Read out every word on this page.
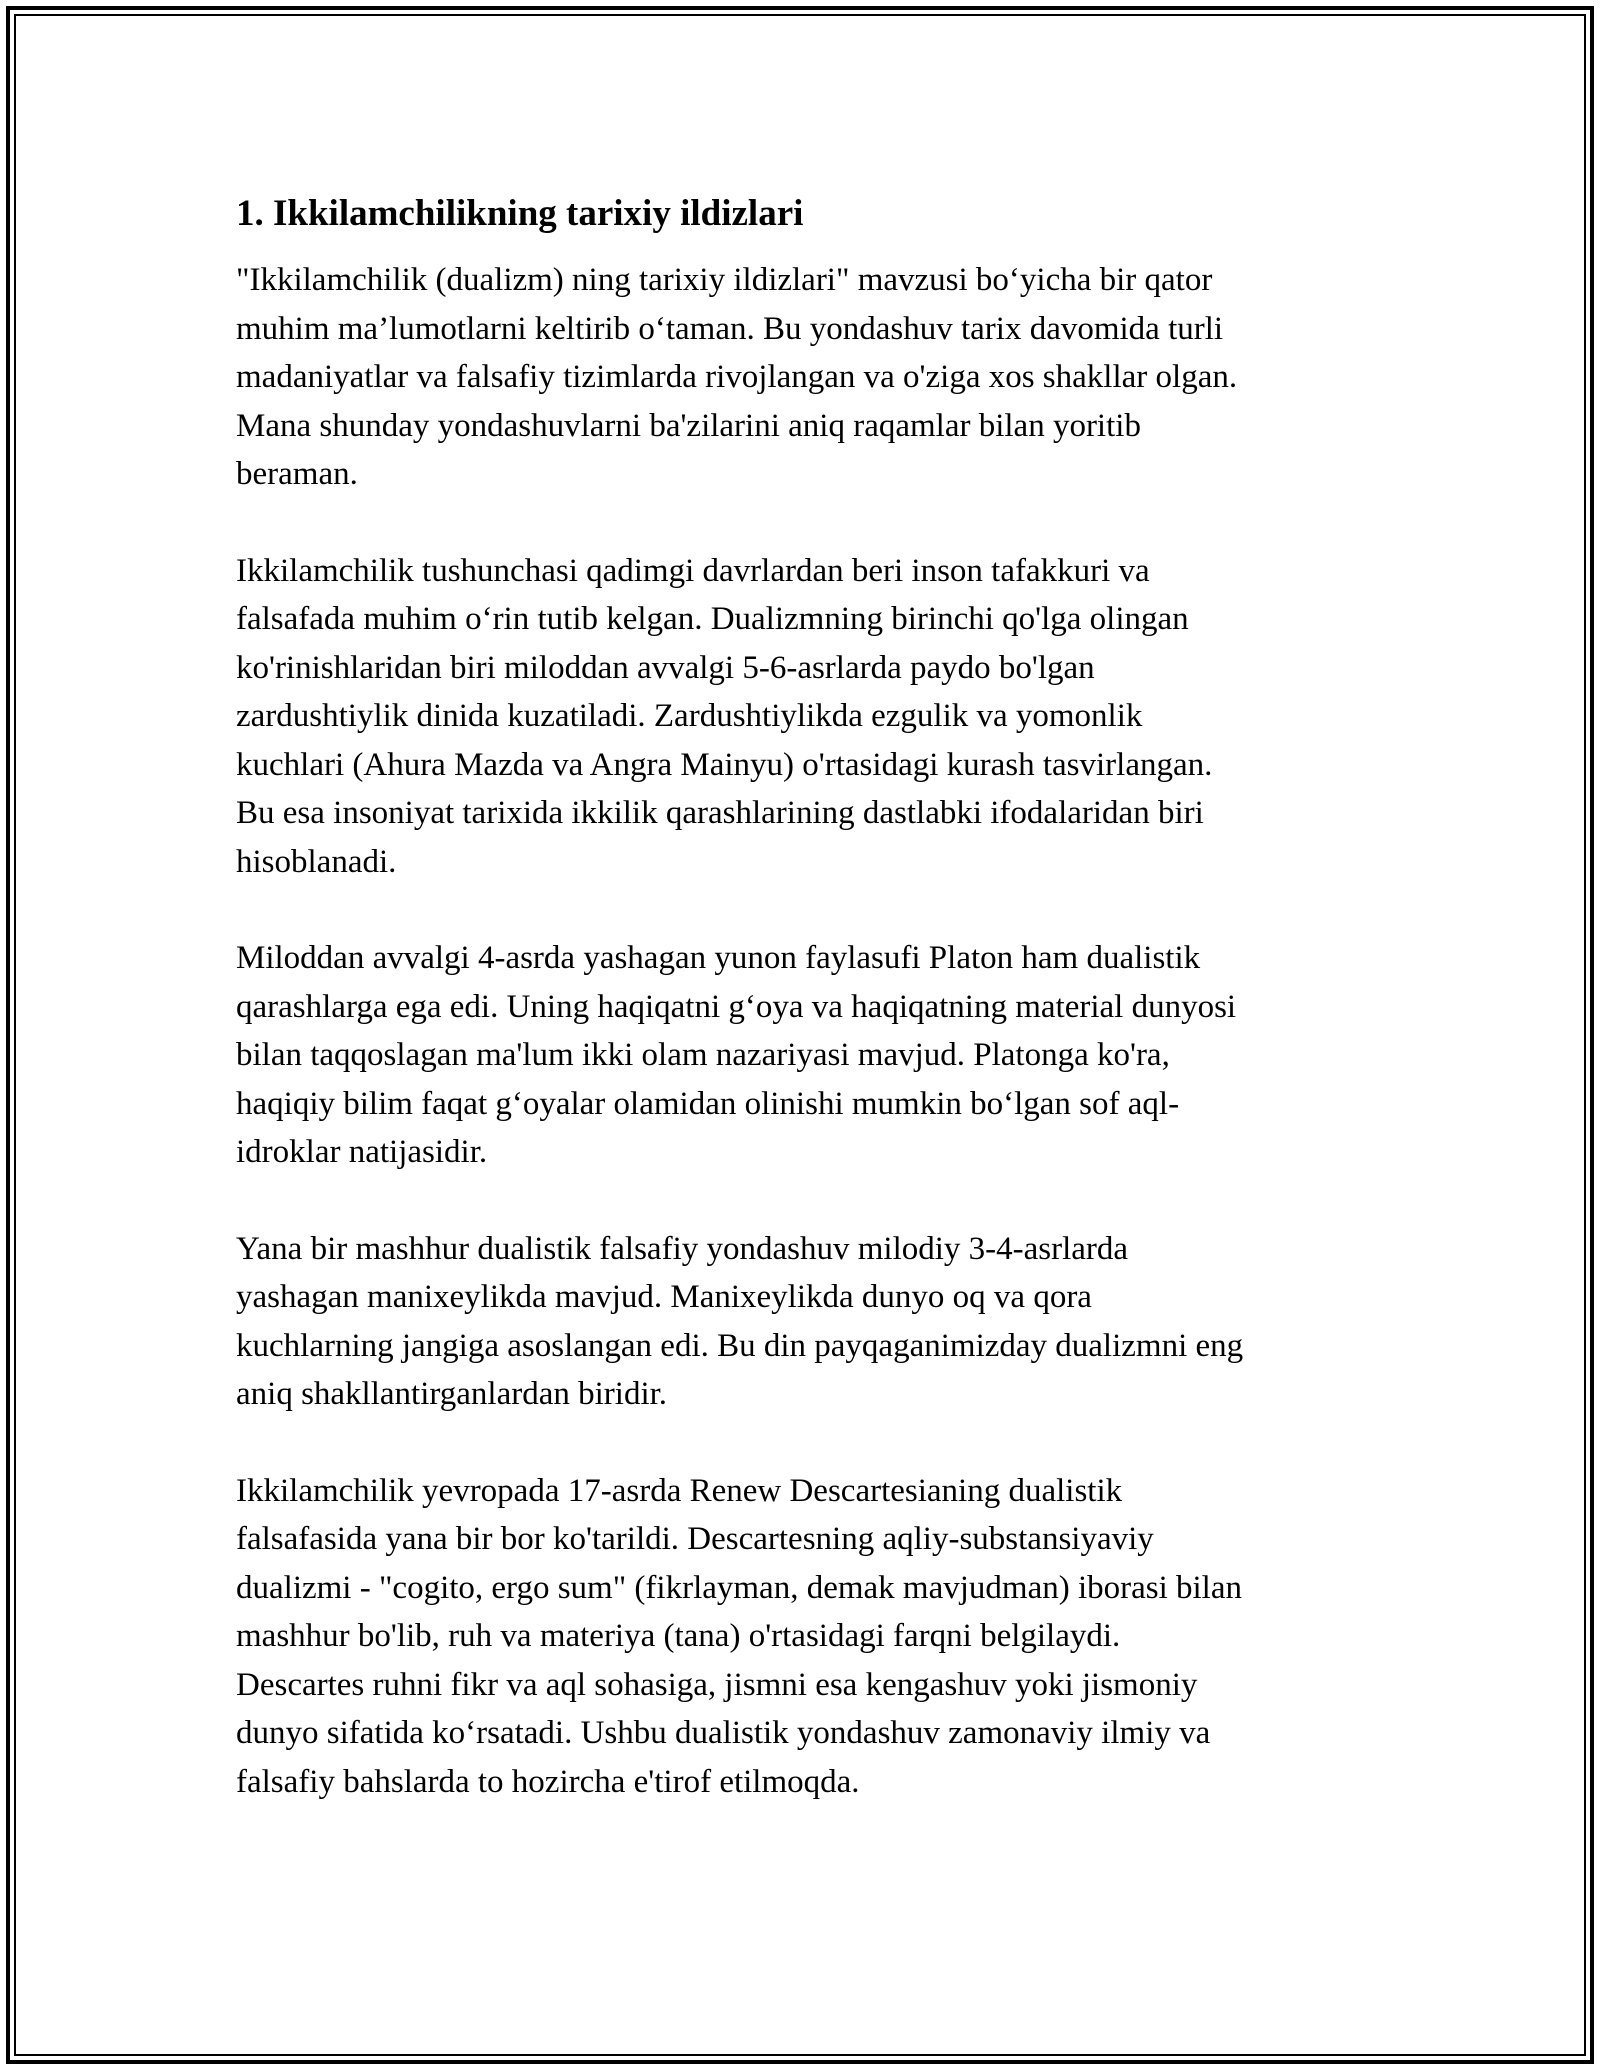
1. Ikkilamchilikning tarixiy ildizlari

"Ikkilamchilik (dualizm) ning tarixiy ildizlari" mavzusi bo‘yicha bir qator
muhim ma’lumotlarni keltirib o‘taman. Bu yondashuv tarix davomida turli
madaniyatlar va falsafiy tizimlarda rivojlangan va o'ziga xos shakllar olgan.
Mana shunday yondashuvlarni ba'zilarini aniq raqamlar bilan yoritib
beraman.

Ikkilamchilik tushunchasi qadimgi davrlardan beri inson tafakkuri va
falsafada muhim o‘rin tutib kelgan. Dualizmning birinchi qo'lga olingan
ko'rinishlaridan biri miloddan avvalgi 5-6-asrlarda paydo bo'lgan
zardushtiylik dinida kuzatiladi. Zardushtiylikda ezgulik va yomonlik
kuchlari (Ahura Mazda va Angra Mainyu) o'rtasidagi kurash tasvirlangan.
Bu esa insoniyat tarixida ikkilik qarashlarining dastlabki ifodalaridan biri
hisoblanadi.

Miloddan avvalgi 4-asrda yashagan yunon faylasufi Platon ham dualistik
qarashlarga ega edi. Uning haqiqatni g‘oya va haqiqatning material dunyosi
bilan taqqoslagan ma'lum ikki olam nazariyasi mavjud. Platonga ko'ra,
haqiqiy bilim faqat g‘oyalar olamidan olinishi mumkin bo‘lgan sof aql-
idroklar natijasidir.

Yana bir mashhur dualistik falsafiy yondashuv milodiy 3-4-asrlarda
yashagan manixeylikda mavjud. Manixeylikda dunyo oq va qora
kuchlarning jangiga asoslangan edi. Bu din payqaganimizday dualizmni eng
aniq shakllantirganlardan biridir.

Ikkilamchilik yevropada 17-asrda Renew Descartesianing dualistik
falsafasida yana bir bor ko'tarildi. Descartesning aqliy-substansiyaviy
dualizmi - "cogito, ergo sum" (fikrlayman, demak mavjudman) iborasi bilan
mashhur bo'lib, ruh va materiya (tana) o'rtasidagi farqni belgilaydi.
Descartes ruhni fikr va aql sohasiga, jismni esa kengashuv yoki jismoniy
dunyo sifatida ko‘rsatadi. Ushbu dualistik yondashuv zamonaviy ilmiy va
falsafiy bahslarda to hozircha e'tirof etilmoqda.
